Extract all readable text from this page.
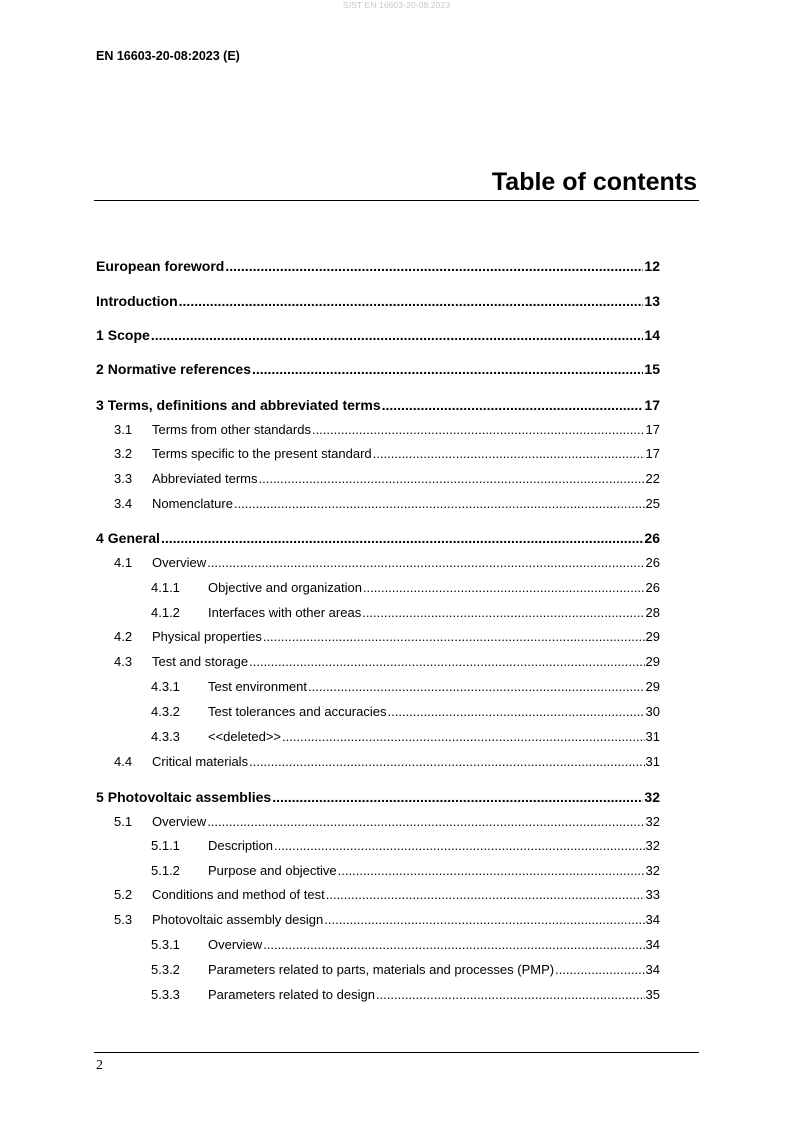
SIST EN 16603-20-08:2023
EN 16603-20-08:2023 (E)
Table of contents
European foreword .....	12
Introduction .....	13
1 Scope .....	14
2 Normative references .....	15
3 Terms, definitions and abbreviated terms .....	17
3.1	Terms from other standards .....	17
3.2	Terms specific to the present standard .....	17
3.3	Abbreviated terms .....	22
3.4	Nomenclature .....	25
4 General .....	26
4.1	Overview .....	26
4.1.1	Objective and organization .....	26
4.1.2	Interfaces with other areas .....	28
4.2	Physical properties .....	29
4.3	Test and storage .....	29
4.3.1	Test environment .....	29
4.3.2	Test tolerances and accuracies .....	30
4.3.3	<<deleted>> .....	31
4.4	Critical materials .....	31
5 Photovoltaic assemblies .....	32
5.1	Overview .....	32
5.1.1	Description .....	32
5.1.2	Purpose and objective .....	32
5.2	Conditions and method of test .....	33
5.3	Photovoltaic assembly design .....	34
5.3.1	Overview .....	34
5.3.2	Parameters related to parts, materials and processes (PMP) .....	34
5.3.3	Parameters related to design .....	35
2
